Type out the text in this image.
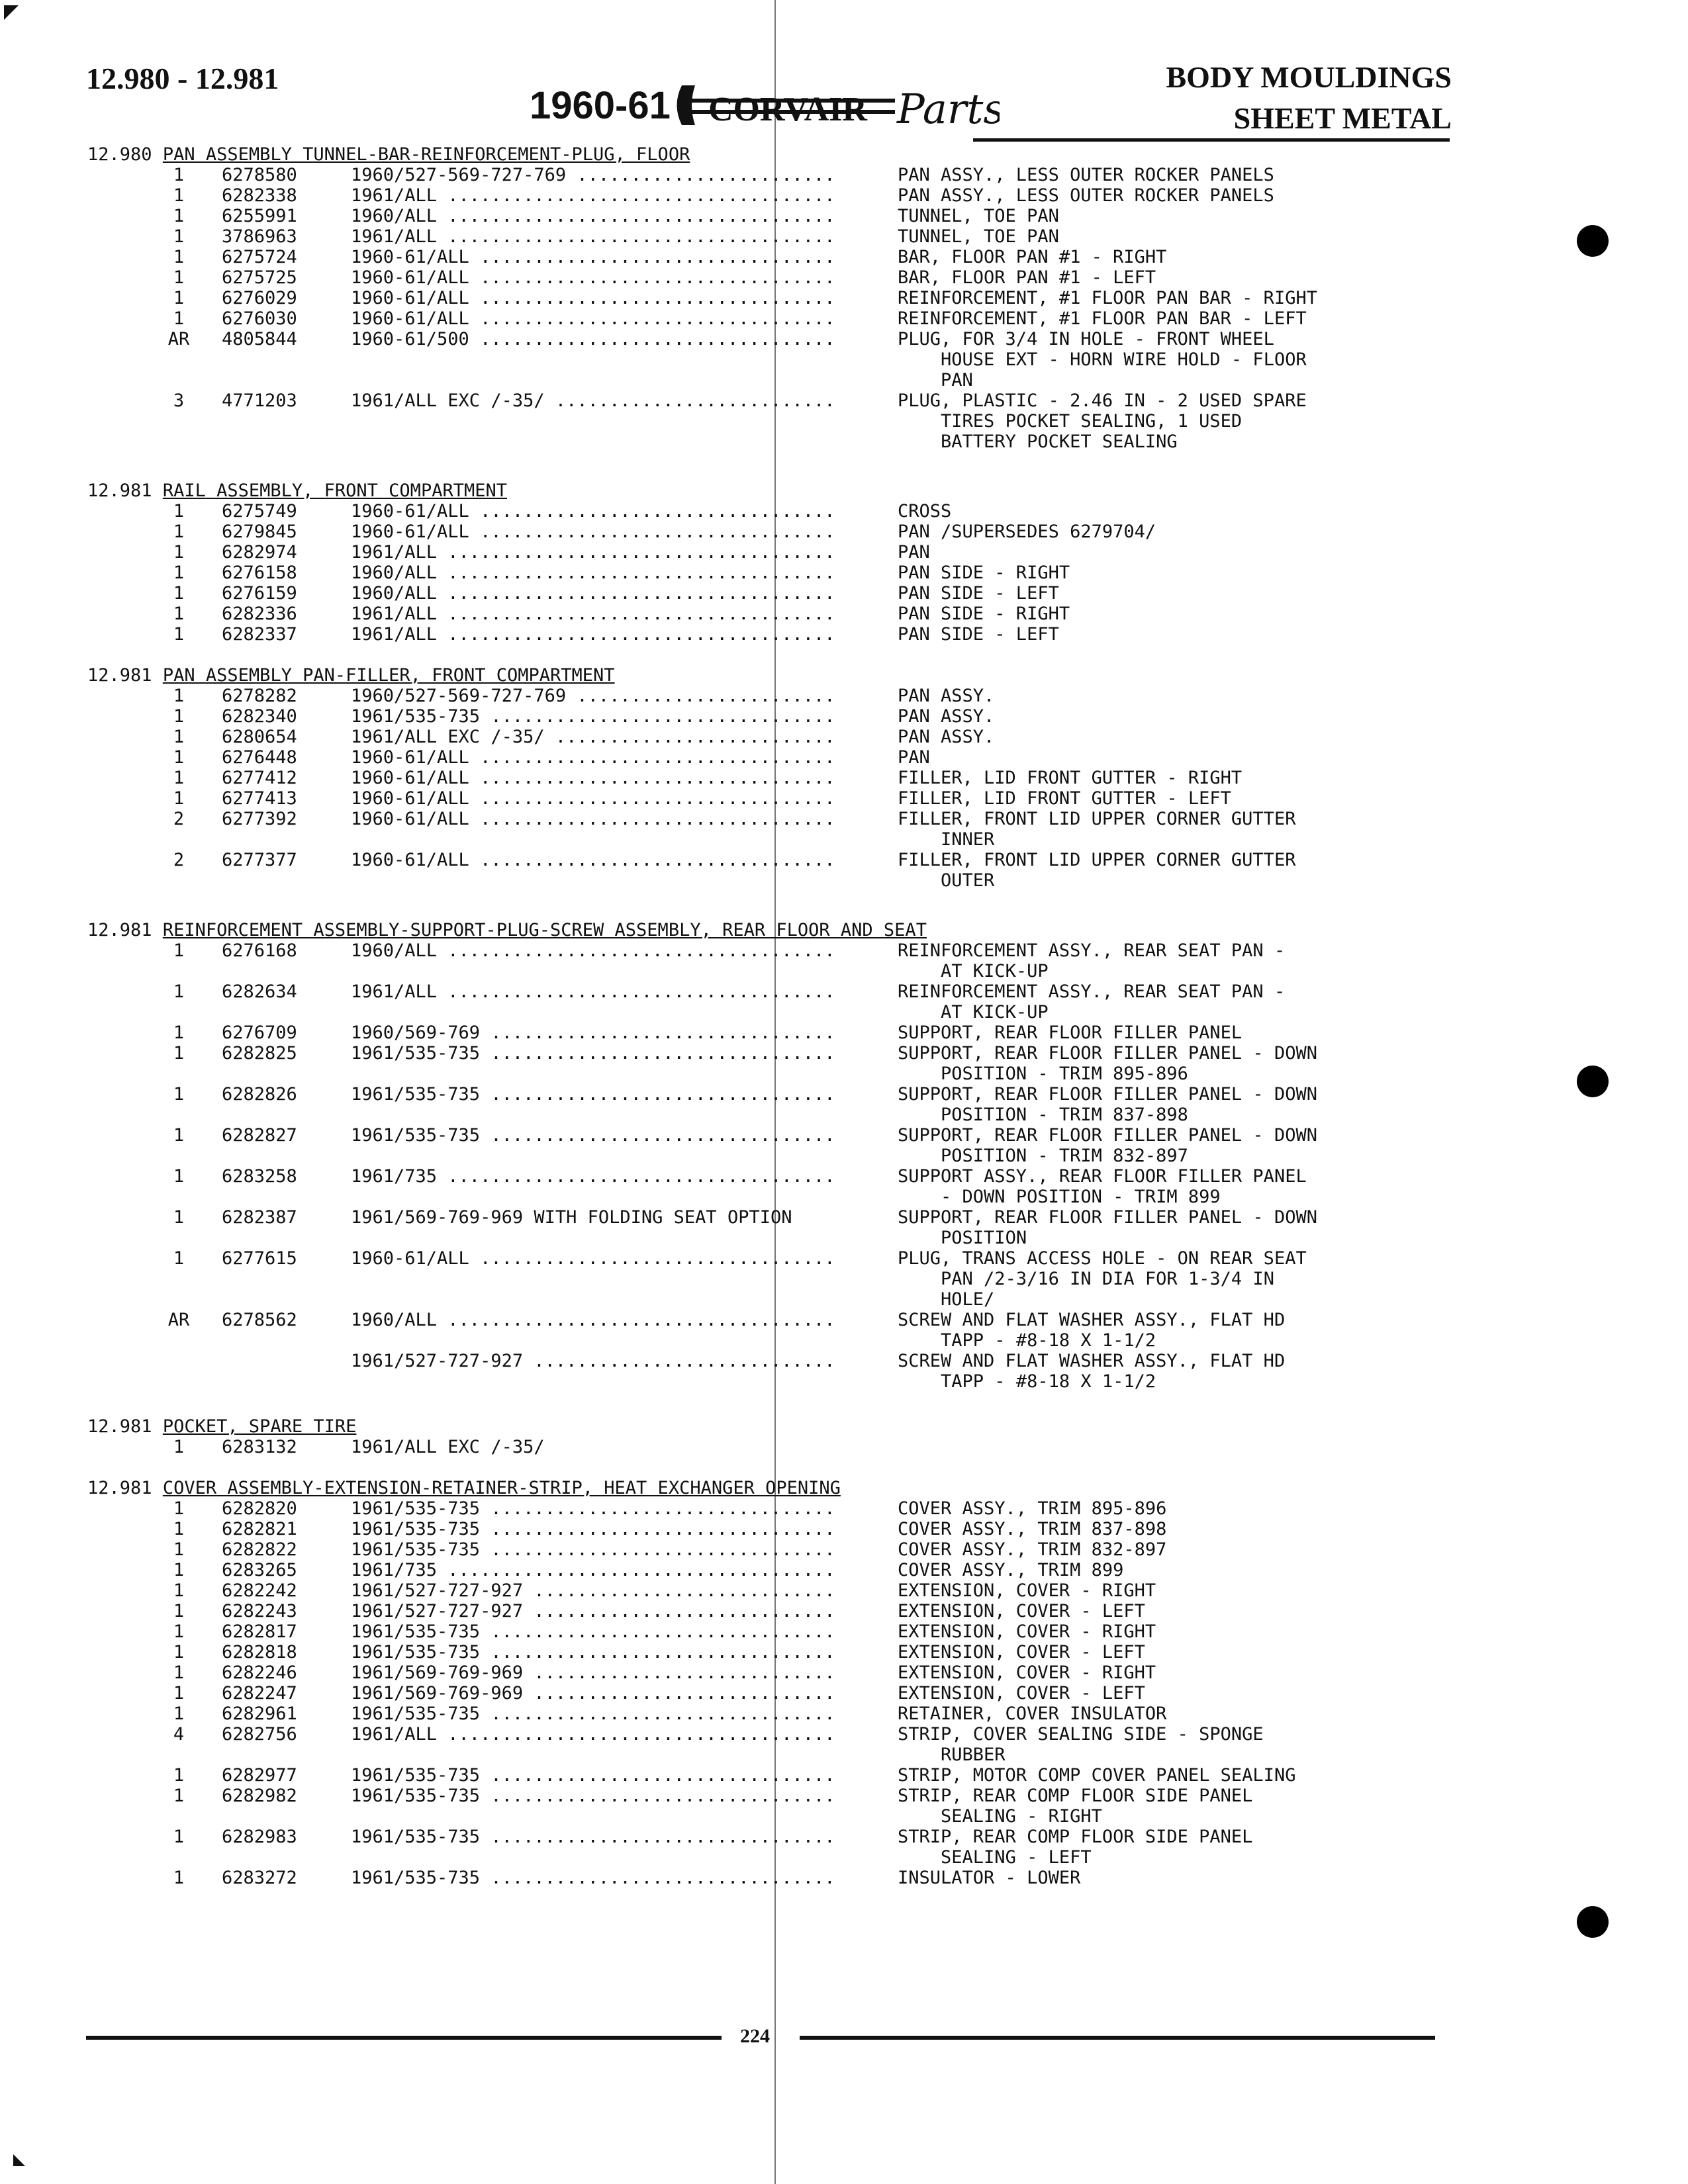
12.980 - 12.981
1960-61 CORVAIR Parts
BODY MOULDINGS
SHEET METAL
12.980 PAN ASSEMBLY TUNNEL-BAR-REINFORCEMENT-PLUG, FLOOR
1	6278580	1960/527-569-727-769 ........................	PAN ASSY., LESS OUTER ROCKER PANELS
1	6282338	1961/ALL ....................................	PAN ASSY., LESS OUTER ROCKER PANELS
1	6255991	1960/ALL ....................................	TUNNEL, TOE PAN
1	3786963	1961/ALL ....................................	TUNNEL, TOE PAN
1	6275724	1960-61/ALL .................................	BAR, FLOOR PAN #1 - RIGHT
1	6275725	1960-61/ALL .................................	BAR, FLOOR PAN #1 - LEFT
1	6276029	1960-61/ALL .................................	REINFORCEMENT, #1 FLOOR PAN BAR - RIGHT
1	6276030	1960-61/ALL .................................	REINFORCEMENT, #1 FLOOR PAN BAR - LEFT
AR	4805844	1960-61/500 .................................	PLUG, FOR 3/4 IN HOLE - FRONT WHEEL
HOUSE EXT - HORN WIRE HOLD - FLOOR
PAN
3	4771203	1961/ALL EXC /-35/ ..........................	PLUG, PLASTIC - 2.46 IN - 2 USED SPARE
TIRES POCKET SEALING, 1 USED
BATTERY POCKET SEALING
12.981 RAIL ASSEMBLY, FRONT COMPARTMENT
1	6275749	1960-61/ALL .................................	CROSS
1	6279845	1960-61/ALL .................................	PAN /SUPERSEDES 6279704/
1	6282974	1961/ALL ....................................	PAN
1	6276158	1960/ALL ....................................	PAN SIDE - RIGHT
1	6276159	1960/ALL ....................................	PAN SIDE - LEFT
1	6282336	1961/ALL ....................................	PAN SIDE - RIGHT
1	6282337	1961/ALL ....................................	PAN SIDE - LEFT
12.981 PAN ASSEMBLY PAN-FILLER, FRONT COMPARTMENT
1	6278282	1960/527-569-727-769 ........................	PAN ASSY.
1	6282340	1961/535-735 ................................	PAN ASSY.
1	6280654	1961/ALL EXC /-35/ ..........................	PAN ASSY.
1	6276448	1960-61/ALL .................................	PAN
1	6277412	1960-61/ALL .................................	FILLER, LID FRONT GUTTER - RIGHT
1	6277413	1960-61/ALL .................................	FILLER, LID FRONT GUTTER - LEFT
2	6277392	1960-61/ALL .................................	FILLER, FRONT LID UPPER CORNER GUTTER
INNER
2	6277377	1960-61/ALL .................................	FILLER, FRONT LID UPPER CORNER GUTTER
OUTER
12.981 REINFORCEMENT ASSEMBLY-SUPPORT-PLUG-SCREW ASSEMBLY, REAR FLOOR AND SEAT
1	6276168	1960/ALL ....................................	REINFORCEMENT ASSY., REAR SEAT PAN -
AT KICK-UP
1	6282634	1961/ALL ....................................	REINFORCEMENT ASSY., REAR SEAT PAN -
AT KICK-UP
1	6276709	1960/569-769 ................................	SUPPORT, REAR FLOOR FILLER PANEL
1	6282825	1961/535-735 ................................	SUPPORT, REAR FLOOR FILLER PANEL - DOWN
POSITION - TRIM 895-896
1	6282826	1961/535-735 ................................	SUPPORT, REAR FLOOR FILLER PANEL - DOWN
POSITION - TRIM 837-898
1	6282827	1961/535-735 ................................	SUPPORT, REAR FLOOR FILLER PANEL - DOWN
POSITION - TRIM 832-897
1	6283258	1961/735 ....................................	SUPPORT ASSY., REAR FLOOR FILLER PANEL
- DOWN POSITION - TRIM 899
1	6282387	1961/569-769-969 WITH FOLDING SEAT OPTION	SUPPORT, REAR FLOOR FILLER PANEL - DOWN
POSITION
1	6277615	1960-61/ALL .................................	PLUG, TRANS ACCESS HOLE - ON REAR SEAT
PAN /2-3/16 IN DIA FOR 1-3/4 IN
HOLE/
AR	6278562	1960/ALL ....................................	SCREW AND FLAT WASHER ASSY., FLAT HD
TAPP - #8-18 X 1-1/2
1961/527-727-927 ............................	SCREW AND FLAT WASHER ASSY., FLAT HD
TAPP - #8-18 X 1-1/2
12.981 POCKET, SPARE TIRE
1	6283132	1961/ALL EXC /-35/
12.981 COVER ASSEMBLY-EXTENSION-RETAINER-STRIP, HEAT EXCHANGER OPENING
1	6282820	1961/535-735 ................................	COVER ASSY., TRIM 895-896
1	6282821	1961/535-735 ................................	COVER ASSY., TRIM 837-898
1	6282822	1961/535-735 ................................	COVER ASSY., TRIM 832-897
1	6283265	1961/735 ....................................	COVER ASSY., TRIM 899
1	6282242	1961/527-727-927 ............................	EXTENSION, COVER - RIGHT
1	6282243	1961/527-727-927 ............................	EXTENSION, COVER - LEFT
1	6282817	1961/535-735 ................................	EXTENSION, COVER - RIGHT
1	6282818	1961/535-735 ................................	EXTENSION, COVER - LEFT
1	6282246	1961/569-769-969 ............................	EXTENSION, COVER - RIGHT
1	6282247	1961/569-769-969 ............................	EXTENSION, COVER - LEFT
1	6282961	1961/535-735 ................................	RETAINER, COVER INSULATOR
4	6282756	1961/ALL ....................................	STRIP, COVER SEALING SIDE - SPONGE
RUBBER
1	6282977	1961/535-735 ................................	STRIP, MOTOR COMP COVER PANEL SEALING
1	6282982	1961/535-735 ................................	STRIP, REAR COMP FLOOR SIDE PANEL
SEALING - RIGHT
1	6282983	1961/535-735 ................................	STRIP, REAR COMP FLOOR SIDE PANEL
SEALING - LEFT
1	6283272	1961/535-735 ................................	INSULATOR - LOWER
224
